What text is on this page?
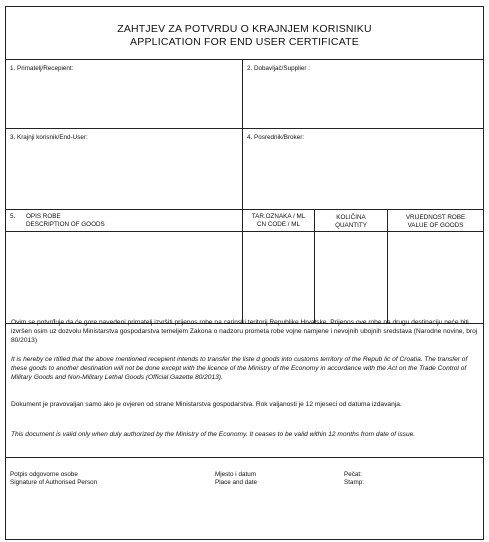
ZAHTJEV ZA POTVRDU O KRAJNJEM KORISNIKU
APPLICATION FOR END USER CERTIFICATE
1. Primatelj/Recepient:	2. Dobavljač/Supplier :
3. Krajnji korisnik/End-User:	4. Posrednik/Broker:
5. OPIS ROBE
DESCRIPTION OF GOODS
TAR.OZNAKA / ML
CN CODE / ML
KOLIČINA
QUANTITY
VRIJEDNOST ROBE
VALUE OF GOODS
Ovim se potvrđuje da će gore navedeni primatelj izvršiti prijenos robe na carinski teritorij Republike Hrvatske. Prijenos ove robe na drugu destinaciju neće biti izvršen osim uz dozvolu Ministarstva gospodarstva temeljem Zakona o nadzoru prometa robe vojne namjene i nevojnih ubojnih sredstava (Narodne novine, broj 80/2013)
It is hereby ce rtified that the above mentioned recepient intends to transfer the liste d goods into customs territory of the Repub lic of Croatia. The transfer of these goods to another destination will not be done except with the licence of the Ministry of the Economy in accordance with the Act on the Trade Control of Military Goods and Non-Military Lethal Goods (Official Gazette 80/2013).
Dokument je pravovaljan samo ako je ovjeren od strane Ministarstva gospodarstva. Rok valjanosti je 12 mjeseci od datuma izdavanja.
This document is valid only when duly authorized by the Ministry of the Economy. It ceases to be valid within 12 months from date of issue.
Potpis odgovorne osobe
Signature of Authorised Person
Mjesto i datum
Place and date
Pečat:
Stamp:
